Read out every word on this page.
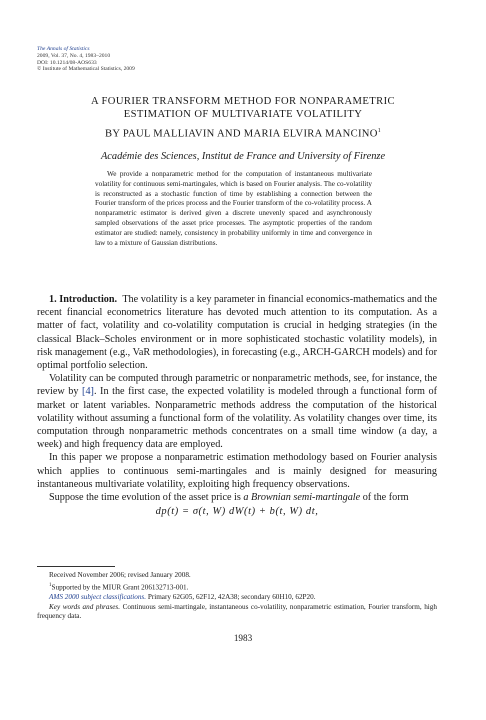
The Annals of Statistics
2009, Vol. 37, No. 4, 1983–2010
DOI: 10.1214/08-AOS633
© Institute of Mathematical Statistics, 2009
A FOURIER TRANSFORM METHOD FOR NONPARAMETRIC
ESTIMATION OF MULTIVARIATE VOLATILITY
BY PAUL MALLIAVIN AND MARIA ELVIRA MANCINO$^1$
Académie des Sciences, Institut de France and University of Firenze

We provide a nonparametric method for the computation of instantaneous multivariate volatility for continuous semi-martingales, which is based on Fourier analysis. The co-volatility is reconstructed as a stochastic function of time by establishing a connection between the Fourier transform of the prices process and the Fourier transform of the co-volatility process. A nonparametric estimator is derived given a discrete unevenly spaced and asynchronously sampled observations of the asset price processes. The asymptotic properties of the random estimator are studied: namely, consistency in probability uniformly in time and convergence in law to a mixture of Gaussian distributions.

1. Introduction. The volatility is a key parameter in financial economics-mathematics and the recent financial econometrics literature has devoted much attention to its computation. As a matter of fact, volatility and co-volatility computation is crucial in hedging strategies (in the classical Black–Scholes environment or in more sophisticated stochastic volatility models), in risk management (e.g., VaR methodologies), in forecasting (e.g., ARCH-GARCH models) and for optimal portfolio selection.

Volatility can be computed through parametric or nonparametric methods, see, for instance, the review by [4]. In the first case, the expected volatility is modeled through a functional form of market or latent variables. Nonparametric methods address the computation of the historical volatility without assuming a functional form of the volatility. As volatility changes over time, its computation through nonparametric methods concentrates on a small time window (a day, a week) and high frequency data are employed.

In this paper we propose a nonparametric estimation methodology based on Fourier analysis which applies to continuous semi-martingales and is mainly designed for measuring instantaneous multivariate volatility, exploiting high frequency observations.

Suppose the time evolution of the asset price is a Brownian semi-martingale of the form

dp(t) = σ(t, W) dW(t) + b(t, W) dt,
Received November 2006; revised January 2008.
$^1$Supported by the MIUR Grant 206132713-001.
AMS 2000 subject classifications. Primary 62G05, 62F12, 42A38; secondary 60H10, 62P20.
Key words and phrases. Continuous semi-martingale, instantaneous co-volatility, nonparametric estimation, Fourier transform, high frequency data.
1983
